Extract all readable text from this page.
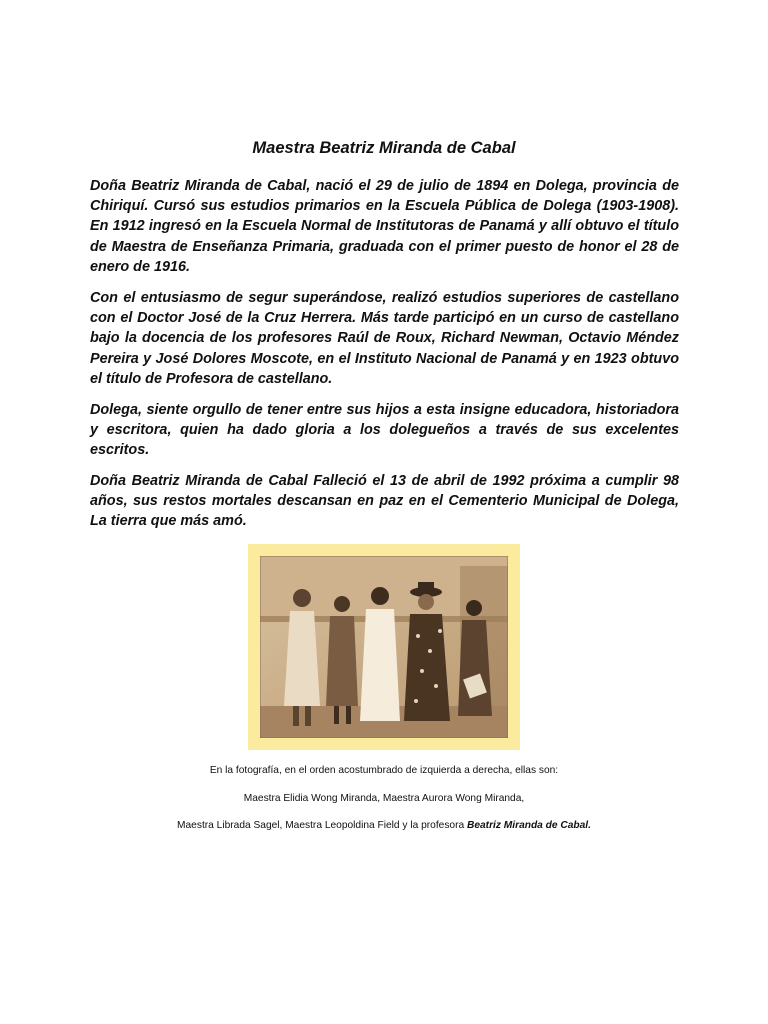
Maestra Beatriz Miranda de Cabal

Doña Beatriz Miranda de Cabal, nació el 29 de julio de 1894 en Dolega, provincia de Chiriquí. Cursó sus estudios primarios en la Escuela Pública de Dolega (1903-1908). En 1912 ingresó en la Escuela Normal de Institutoras de Panamá y allí obtuvo el título de Maestra de Enseñanza Primaria, graduada con el primer puesto de honor el 28 de enero de 1916.

Con el entusiasmo de segur superándose, realizó estudios superiores de castellano con el Doctor José de la Cruz Herrera. Más tarde participó en un curso de castellano bajo la docencia de los profesores Raúl de Roux, Richard Newman, Octavio Méndez Pereira y José Dolores Moscote, en el Instituto Nacional de Panamá y en 1923 obtuvo el título de Profesora de castellano.

Dolega, siente orgullo de tener entre sus hijos a esta insigne educadora, historiadora y escritora, quien ha dado gloria a los dolegueños a través de sus excelentes escritos.

Doña Beatriz Miranda de Cabal Falleció el 13 de abril de 1992 próxima a cumplir 98 años, sus restos mortales descansan en paz en el Cementerio Municipal de Dolega, La tierra que más amó.

En la fotografía, en el orden acostumbrado de izquierda a derecha, ellas son:
Maestra Elidia Wong Miranda, Maestra Aurora Wong Miranda,
Maestra Librada Sagel, Maestra Leopoldina Field y la profesora Beatriz Miranda de Cabal.
